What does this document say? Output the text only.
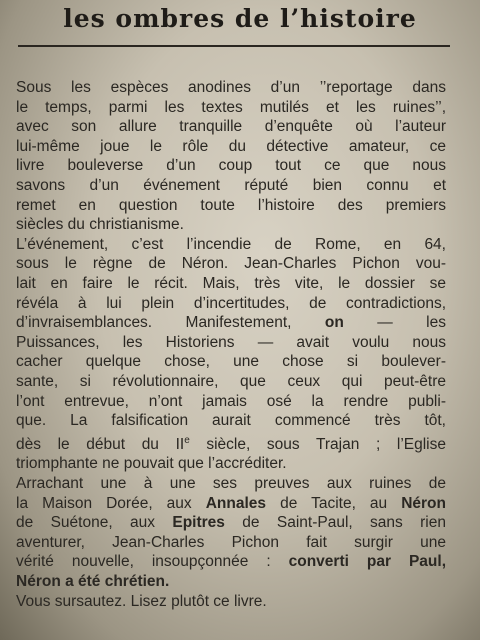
les ombres de l’histoire
Sous les espèces anodines d’un ’’reportage dans
le temps, parmi les textes mutilés et les ruines’’,
avec son allure tranquille d’enquête où l’auteur
lui-même joue le rôle du détective amateur, ce
livre bouleverse d’un coup tout ce que nous
savons d’un événement réputé bien connu et
remet en question toute l’histoire des premiers
siècles du christianisme.
L’événement, c’est l’incendie de Rome, en 64,
sous le règne de Néron. Jean-Charles Pichon vou-
lait en faire le récit. Mais, très vite, le dossier se
révéla à lui plein d’incertitudes, de contradictions,
d’invraisemblances. Manifestement, on — les
Puissances, les Historiens — avait voulu nous
cacher quelque chose, une chose si boulever-
sante, si révolutionnaire, que ceux qui peut-être
l’ont entrevue, n’ont jamais osé la rendre publi-
que. La falsification aurait commencé très tôt,
dès le début du IIe siècle, sous Trajan ; l’Eglise
triomphante ne pouvait que l’accréditer.
Arrachant une à une ses preuves aux ruines de
la Maison Dorée, aux Annales de Tacite, au Néron
de Suétone, aux Epitres de Saint-Paul, sans rien
aventurer, Jean-Charles Pichon fait surgir une
vérité nouvelle, insoupçonnée : converti par Paul,
Néron a été chrétien.
Vous sursautez. Lisez plutôt ce livre.
